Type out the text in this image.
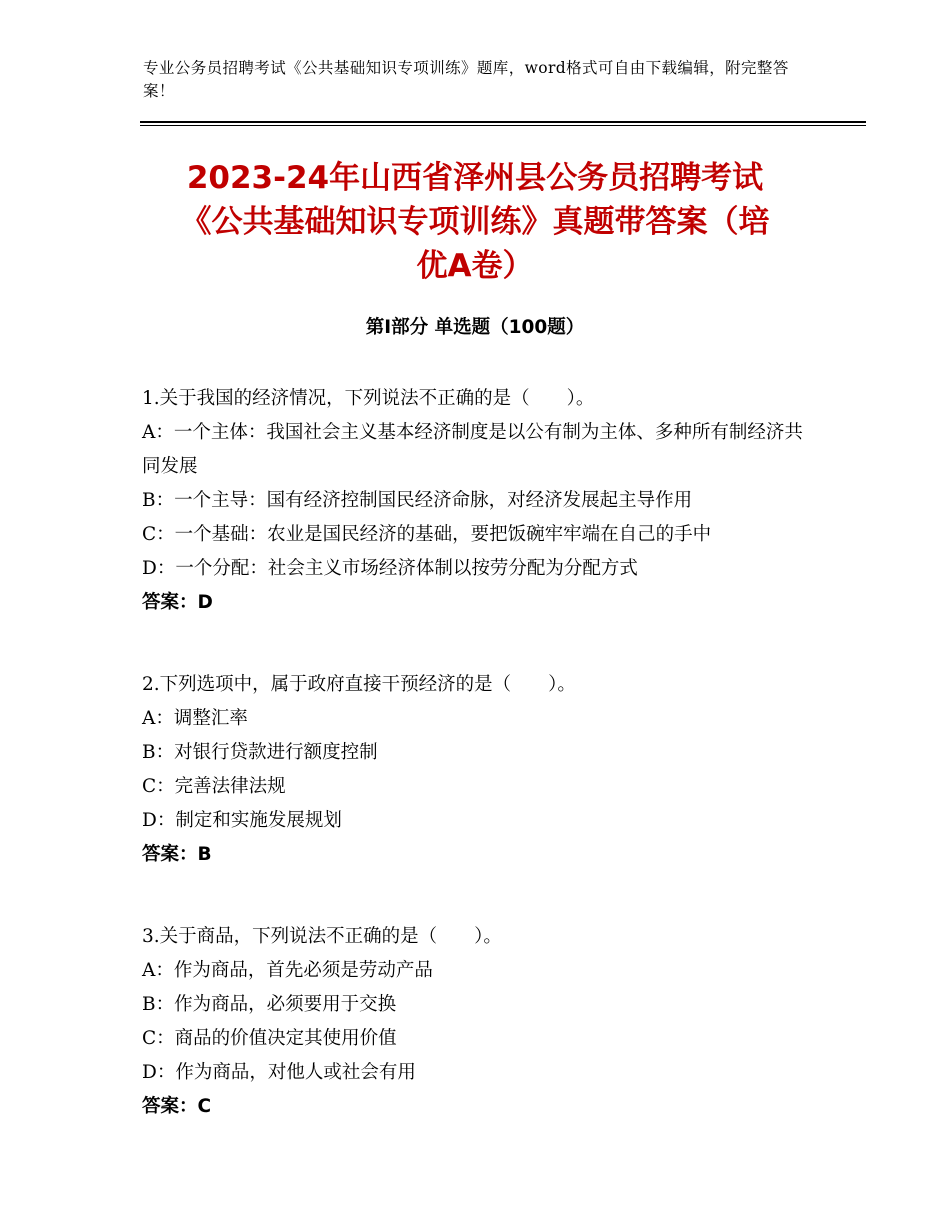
专业公务员招聘考试《公共基础知识专项训练》题库，word格式可自由下载编辑，附完整答案！
2023-24年山西省泽州县公务员招聘考试
《公共基础知识专项训练》真题带答案（培
优A卷）
第Ⅰ部分 单选题（100题）
1.关于我国的经济情况，下列说法不正确的是（　　）。
A：一个主体：我国社会主义基本经济制度是以公有制为主体、多种所有制经济共同发展
B：一个主导：国有经济控制国民经济命脉，对经济发展起主导作用
C：一个基础：农业是国民经济的基础，要把饭碗牢牢端在自己的手中
D：一个分配：社会主义市场经济体制以按劳分配为分配方式
答案：D
2.下列选项中，属于政府直接干预经济的是（　　）。
A：调整汇率
B：对银行贷款进行额度控制
C：完善法律法规
D：制定和实施发展规划
答案：B
3.关于商品，下列说法不正确的是（　　）。
A：作为商品，首先必须是劳动产品
B：作为商品，必须要用于交换
C：商品的价值决定其使用价值
D：作为商品，对他人或社会有用
答案：C
